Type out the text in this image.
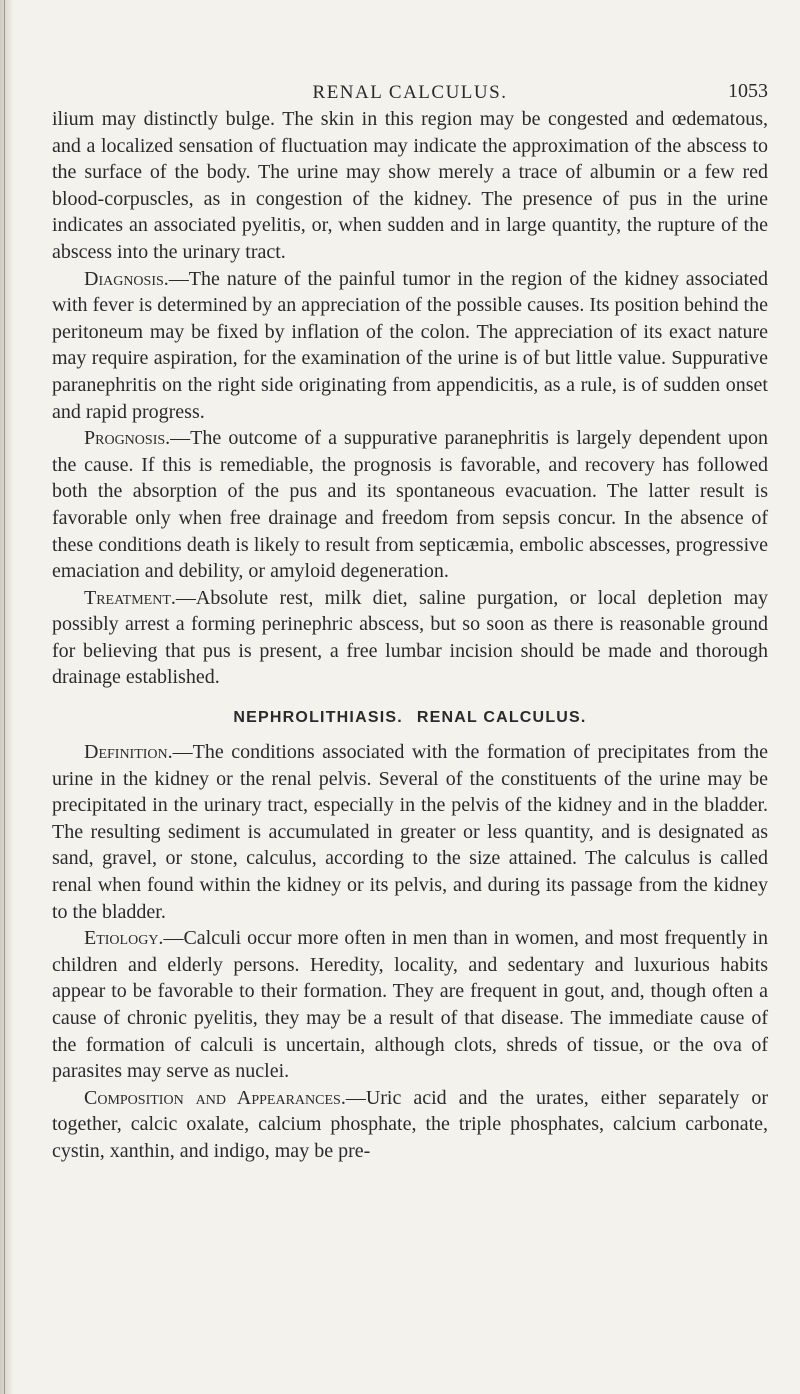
RENAL CALCULUS.	1053

ilium may distinctly bulge. The skin in this region may be congested and œdematous, and a localized sensation of fluctuation may indicate the approximation of the abscess to the surface of the body. The urine may show merely a trace of albumin or a few red blood-corpuscles, as in congestion of the kidney. The presence of pus in the urine indicates an associated pyelitis, or, when sudden and in large quantity, the rupture of the abscess into the urinary tract.

Diagnosis.—The nature of the painful tumor in the region of the kidney associated with fever is determined by an appreciation of the possible causes. Its position behind the peritoneum may be fixed by inflation of the colon. The appreciation of its exact nature may require aspiration, for the examination of the urine is of but little value. Suppurative paranephritis on the right side originating from appendicitis, as a rule, is of sudden onset and rapid progress.

Prognosis.—The outcome of a suppurative paranephritis is largely dependent upon the cause. If this is remediable, the prognosis is favorable, and recovery has followed both the absorption of the pus and its spontaneous evacuation. The latter result is favorable only when free drainage and freedom from sepsis concur. In the absence of these conditions death is likely to result from septicæmia, embolic abscesses, progressive emaciation and debility, or amyloid degeneration.

Treatment.—Absolute rest, milk diet, saline purgation, or local depletion may possibly arrest a forming perinephric abscess, but so soon as there is reasonable ground for believing that pus is present, a free lumbar incision should be made and thorough drainage established.

NEPHROLITHIASIS. RENAL CALCULUS.

Definition.—The conditions associated with the formation of precipitates from the urine in the kidney or the renal pelvis. Several of the constituents of the urine may be precipitated in the urinary tract, especially in the pelvis of the kidney and in the bladder. The resulting sediment is accumulated in greater or less quantity, and is designated as sand, gravel, or stone, calculus, according to the size attained. The calculus is called renal when found within the kidney or its pelvis, and during its passage from the kidney to the bladder.

Etiology.—Calculi occur more often in men than in women, and most frequently in children and elderly persons. Heredity, locality, and sedentary and luxurious habits appear to be favorable to their formation. They are frequent in gout, and, though often a cause of chronic pyelitis, they may be a result of that disease. The immediate cause of the formation of calculi is uncertain, although clots, shreds of tissue, or the ova of parasites may serve as nuclei.

Composition and Appearances.—Uric acid and the urates, either separately or together, calcic oxalate, calcium phosphate, the triple phosphates, calcium carbonate, cystin, xanthin, and indigo, may be pre-
